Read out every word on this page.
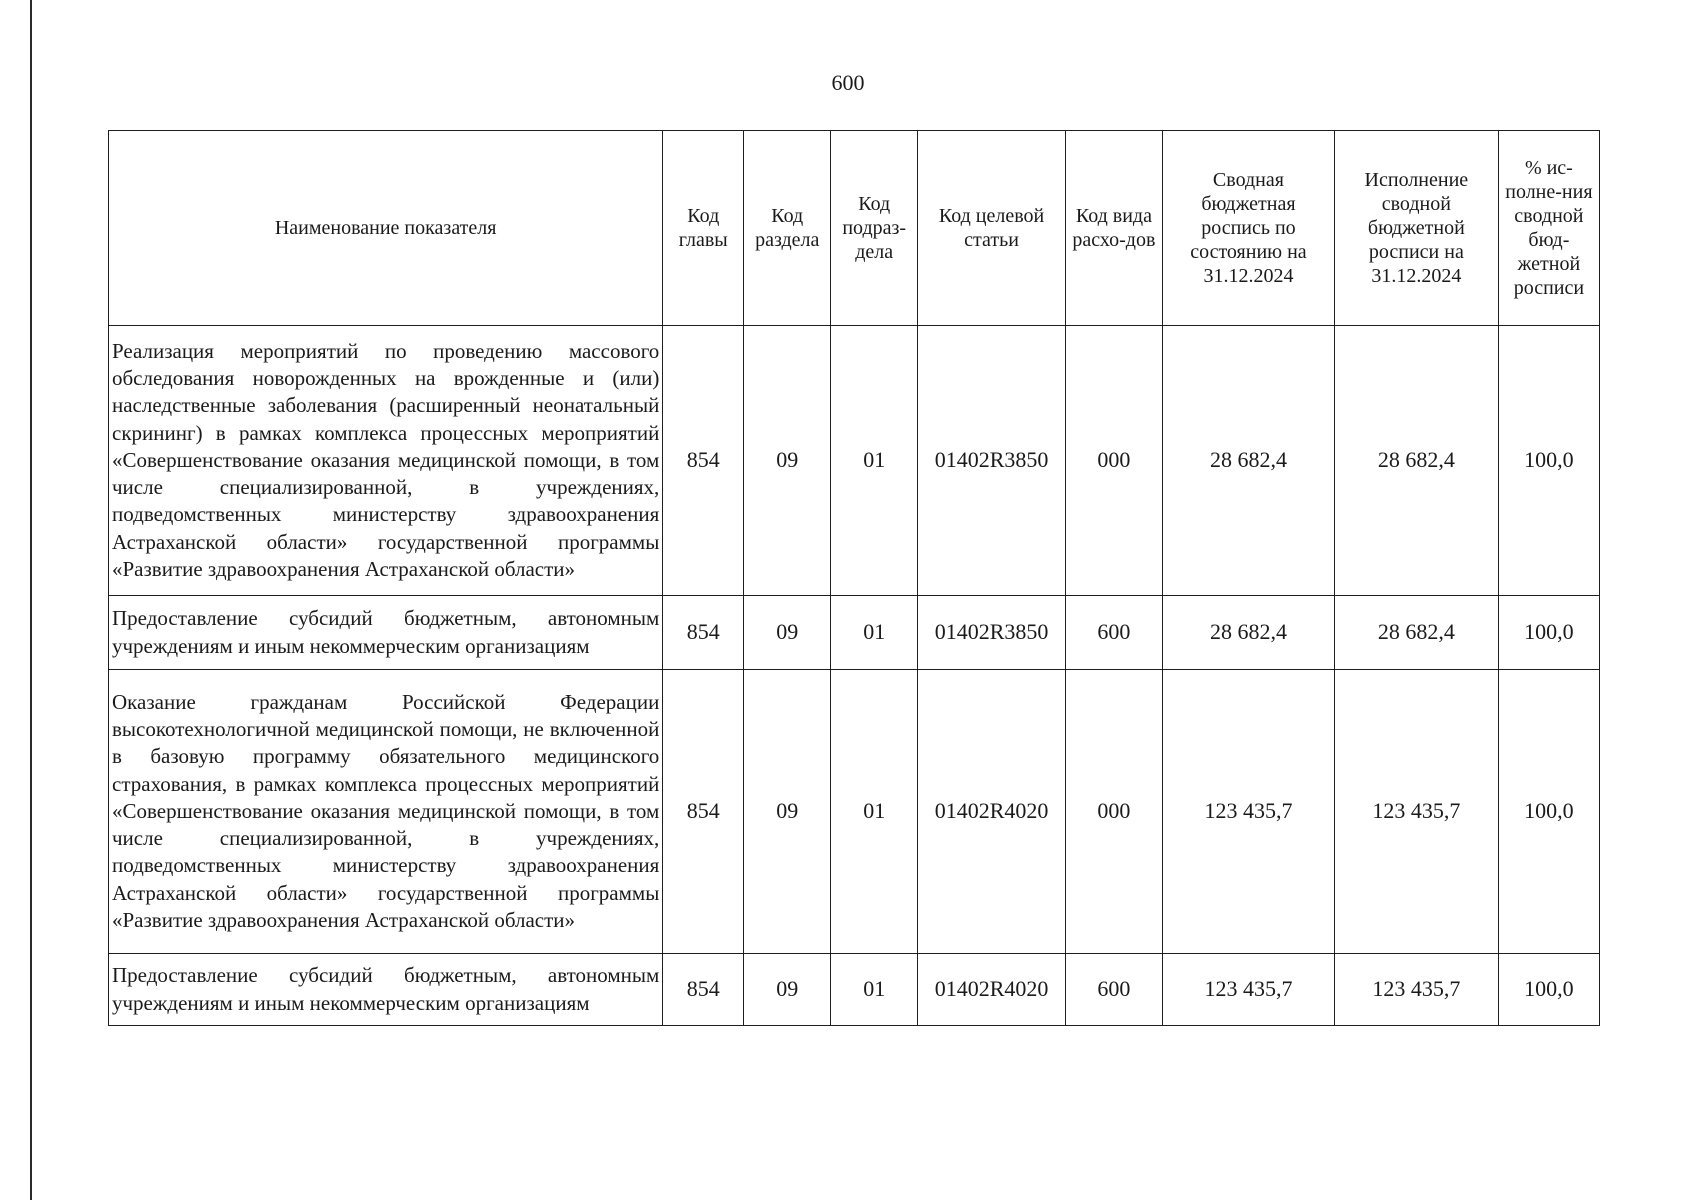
600
Наименование показателя	Код главы	Код раздела	Код подраз-дела	Код целевой статьи	Код вида расхо-дов	Сводная бюджетная роспись по состоянию на 31.12.2024	Исполнение сводной бюджетной росписи на 31.12.2024	% ис-полне-ния сводной бюд-жетной росписи
Реализация мероприятий по проведению массового обследования новорожденных на врожденные и (или) наследственные заболевания (расширенный неонатальный скрининг) в рамках комплекса процессных мероприятий «Совершенствование оказания медицинской помощи, в том числе специализированной, в учреждениях, подведомственных министерству здравоохранения Астраханской области» государственной программы «Развитие здравоохранения Астраханской области»	854	09	01	01402R3850	000	28 682,4	28 682,4	100,0
Предоставление субсидий бюджетным, автономным учреждениям и иным некоммерческим организациям	854	09	01	01402R3850	600	28 682,4	28 682,4	100,0
Оказание гражданам Российской Федерации высокотехнологичной медицинской помощи, не включенной в базовую программу обязательного медицинского страхования, в рамках комплекса процессных мероприятий «Совершенствование оказания медицинской помощи, в том числе специализированной, в учреждениях, подведомственных министерству здравоохранения Астраханской области» государственной программы «Развитие здравоохранения Астраханской области»	854	09	01	01402R4020	000	123 435,7	123 435,7	100,0
Предоставление субсидий бюджетным, автономным учреждениям и иным некоммерческим организациям	854	09	01	01402R4020	600	123 435,7	123 435,7	100,0
